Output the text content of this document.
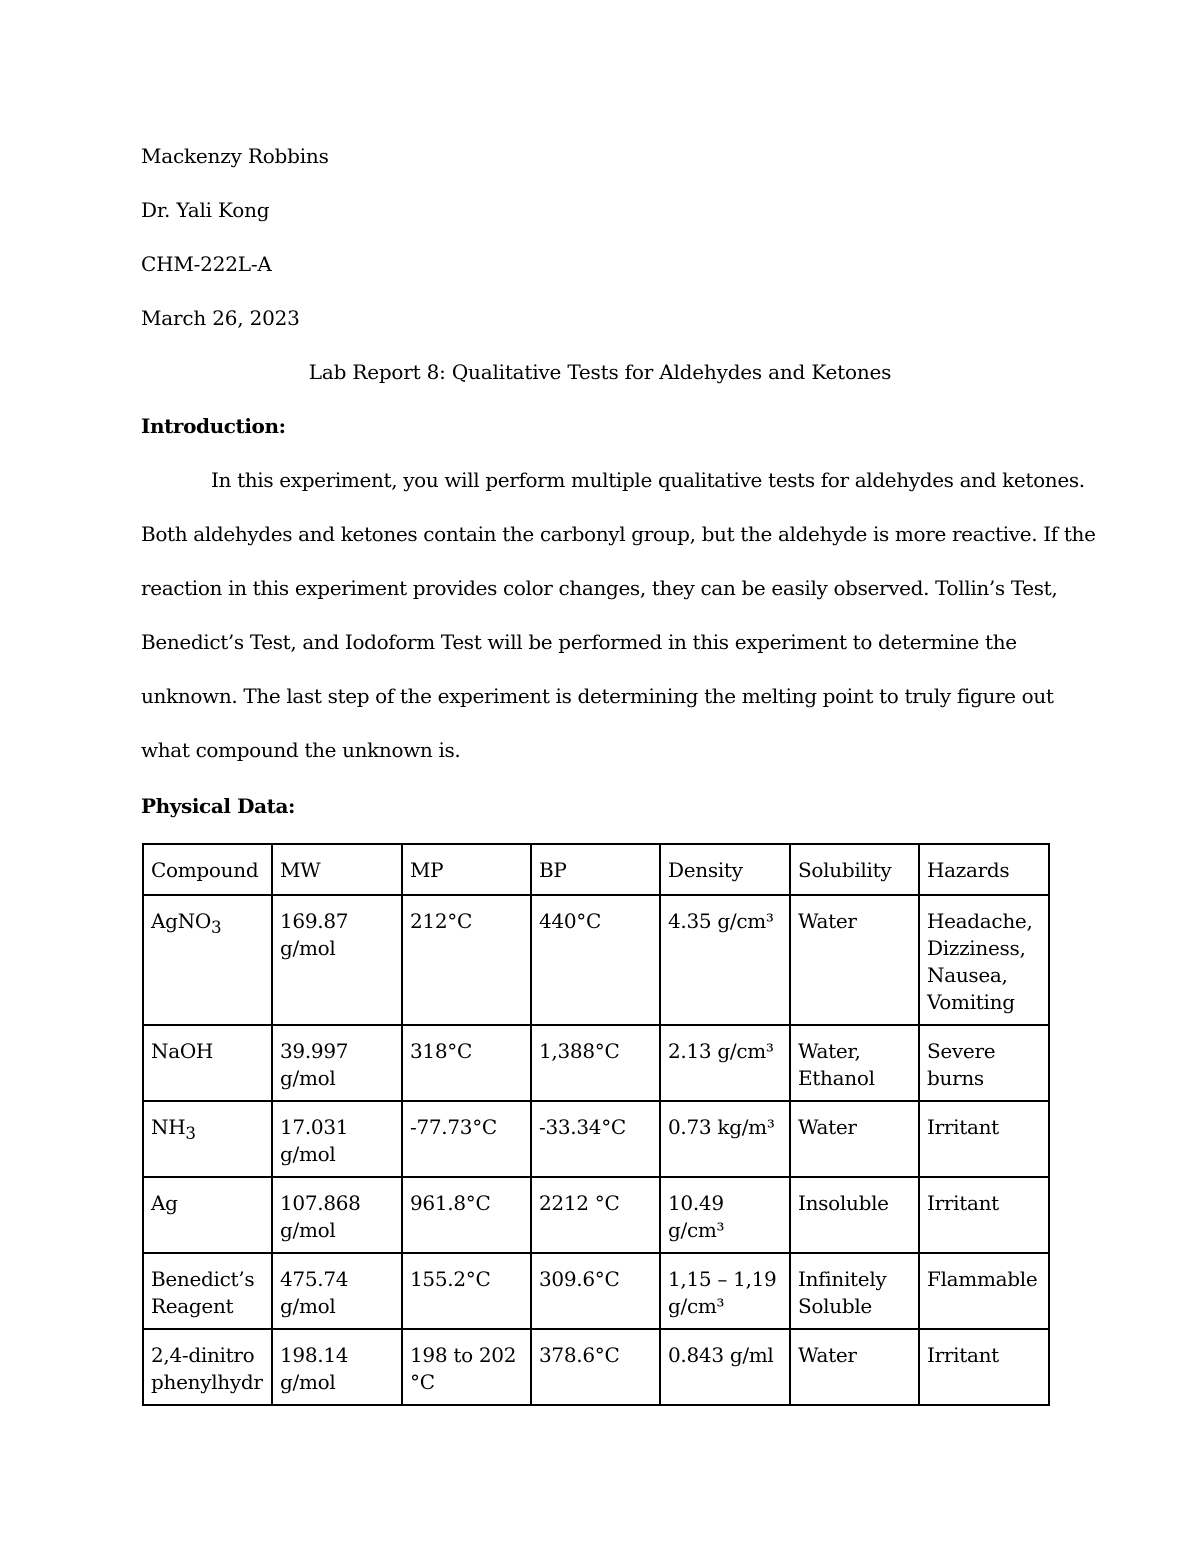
Mackenzy Robbins
Dr. Yali Kong
CHM-222L-A
March 26, 2023
Lab Report 8: Qualitative Tests for Aldehydes and Ketones
Introduction:
In this experiment, you will perform multiple qualitative tests for aldehydes and ketones.
Both aldehydes and ketones contain the carbonyl group, but the aldehyde is more reactive. If the
reaction in this experiment provides color changes, they can be easily observed. Tollin’s Test,
Benedict’s Test, and Iodoform Test will be performed in this experiment to determine the
unknown. The last step of the experiment is determining the melting point to truly figure out
what compound the unknown is.
Physical Data:
Compound	MW	MP	BP	Density	Solubility	Hazards
AgNO$_3$	169.87 g/mol	212°C	440°C	4.35 g/cm³	Water	Headache, Dizziness, Nausea, Vomiting
NaOH	39.997 g/mol	318°C	1,388°C	2.13 g/cm³	Water, Ethanol	Severe burns
$NH_3$	17.031 g/mol	-77.73°C	-33.34°C	0.73 kg/m³	Water	Irritant
Ag	107.868 g/mol	961.8°C	2212 °C	10.49 g/cm³	Insoluble	Irritant
Benedict’s Reagent	475.74 g/mol	155.2°C	309.6°C	1,15 – 1,19 g/cm³	Infinitely Soluble	Flammable
2,4-dinitro phenylhydr	198.14 g/mol	198 to 202 °C	378.6°C	0.843 g/ml	Water	Irritant
